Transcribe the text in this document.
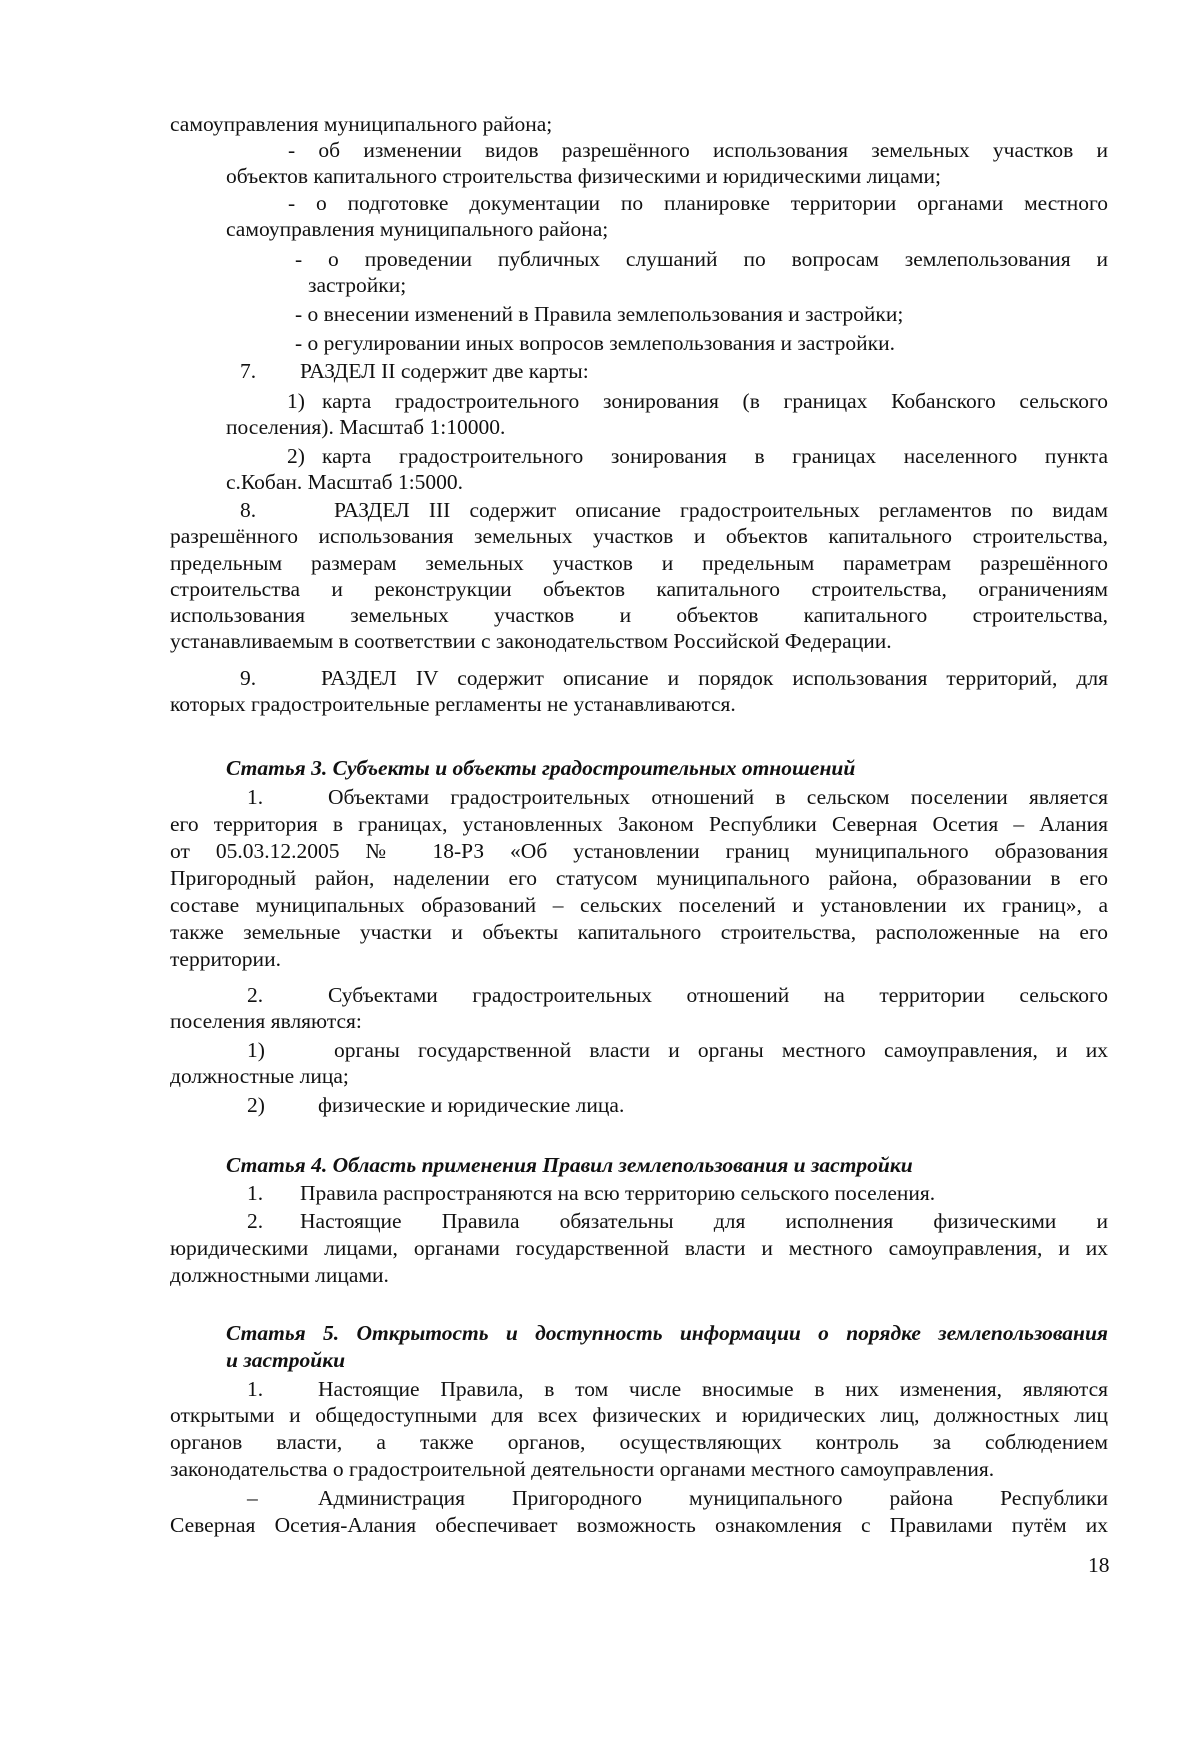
самоуправления муниципального района;
- об изменении видов разрешённого использования земельных участков и
объектов капитального строительства физическими и юридическими лицами;
- о подготовке документации по планировке территории органами местного
самоуправления муниципального района;
- о проведении публичных слушаний по вопросам землепользования и
застройки;
- о внесении изменений в Правила землепользования и застройки;
- о регулировании иных вопросов землепользования и застройки.
7. РАЗДЕЛ II содержит две карты:
1) карта градостроительного зонирования (в границах Кобанского сельского
поселения). Масштаб 1:10000.
2) карта градостроительного зонирования в границах населенного пункта
с.Кобан. Масштаб 1:5000.
8.	РАЗДЕЛ III содержит описание градостроительных регламентов по видам
разрешённого использования земельных участков и объектов капитального строительства,
предельным размерам земельных участков и предельным параметрам разрешённого
строительства и реконструкции объектов капитального строительства, ограничениям
использования земельных участков и объектов капитального строительства,
устанавливаемым в соответствии с законодательством Российской Федерации.
9.	РАЗДЕЛ IV содержит описание и порядок использования территорий, для
которых градостроительные регламенты не устанавливаются.
Статья 3. Субъекты и объекты градостроительных отношений
1.	Объектами градостроительных отношений в сельском поселении является
его территория в границах, установленных Законом Республики Северная Осетия – Алания
от 05.03.12.2005 № 18-РЗ «Об установлении границ муниципального образования
Пригородный район, наделении его статусом муниципального района, образовании в его
составе муниципальных образований – сельских поселений и установлении их границ», а
также земельные участки и объекты капитального строительства, расположенные на его
территории.
2.	Субъектами градостроительных отношений на территории сельского
поселения являются:
1)	органы государственной власти и органы местного самоуправления, и их
должностные лица;
2) физические и юридические лица.
Статья 4. Область применения Правил землепользования и застройки
1. Правила распространяются на всю территорию сельского поселения.
2. Настоящие Правила обязательны для исполнения физическими и
юридическими лицами, органами государственной власти и местного самоуправления, и их
должностными лицами.
Статья 5. Открытость и доступность информации о порядке землепользования
и застройки
1.	Настоящие Правила, в том числе вносимые в них изменения, являются
открытыми и общедоступными для всех физических и юридических лиц, должностных лиц
органов власти, а также органов, осуществляющих контроль за соблюдением
законодательства о градостроительной деятельности органами местного самоуправления.
–	Администрация Пригородного муниципального района Республики
Северная Осетия-Алания обеспечивает возможность ознакомления с Правилами путём их
18
